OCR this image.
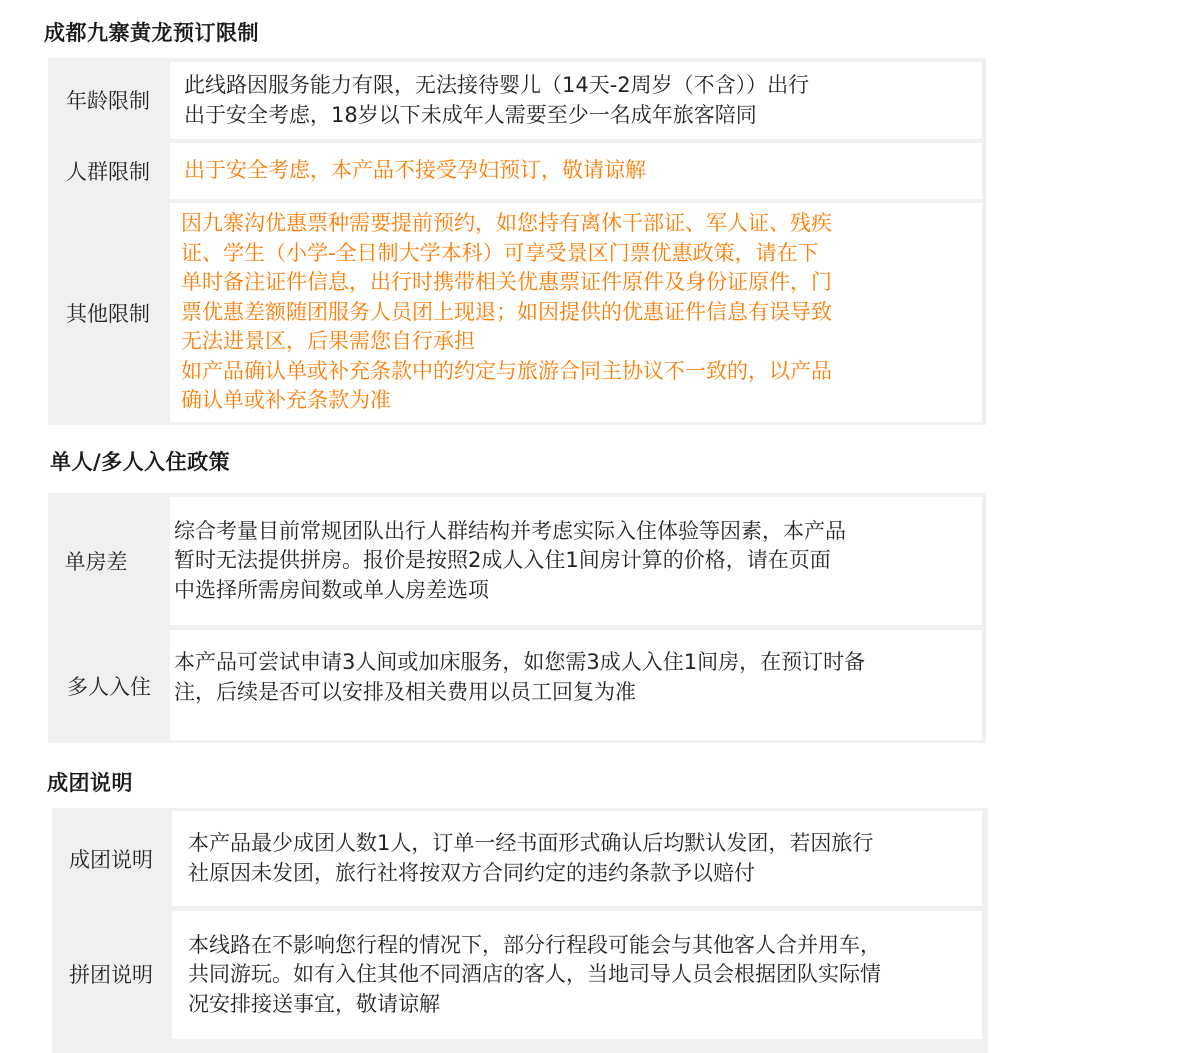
成都九寨黄龙预订限制
年龄限制
此线路因服务能力有限，无法接待婴儿（14天-2周岁（不含））出行
出于安全考虑，18岁以下未成年人需要至少一名成年旅客陪同
人群限制	出于安全考虑，本产品不接受孕妇预订，敬请谅解
其他限制
因九寨沟优惠票种需要提前预约，如您持有离休干部证、军人证、残疾
证、学生（小学-全日制大学本科）可享受景区门票优惠政策，请在下
单时备注证件信息，出行时携带相关优惠票证件原件及身份证原件，门
票优惠差额随团服务人员团上现退；如因提供的优惠证件信息有误导致
无法进景区，后果需您自行承担
如产品确认单或补充条款中的约定与旅游合同主协议不一致的，以产品
确认单或补充条款为准
单人/多人入住政策
单房差
综合考量目前常规团队出行人群结构并考虑实际入住体验等因素，本产品
暂时无法提供拼房。报价是按照2成人入住1间房计算的价格，请在页面
中选择所需房间数或单人房差选项
多人入住
本产品可尝试申请3人间或加床服务，如您需3成人入住1间房，在预订时备
注，后续是否可以安排及相关费用以员工回复为准
成团说明
成团说明
本产品最少成团人数1人，订单一经书面形式确认后均默认发团，若因旅行
社原因未发团，旅行社将按双方合同约定的违约条款予以赔付
拼团说明
本线路在不影响您行程的情况下，部分行程段可能会与其他客人合并用车，
共同游玩。如有入住其他不同酒店的客人，当地司导人员会根据团队实际情
况安排接送事宜，敬请谅解
